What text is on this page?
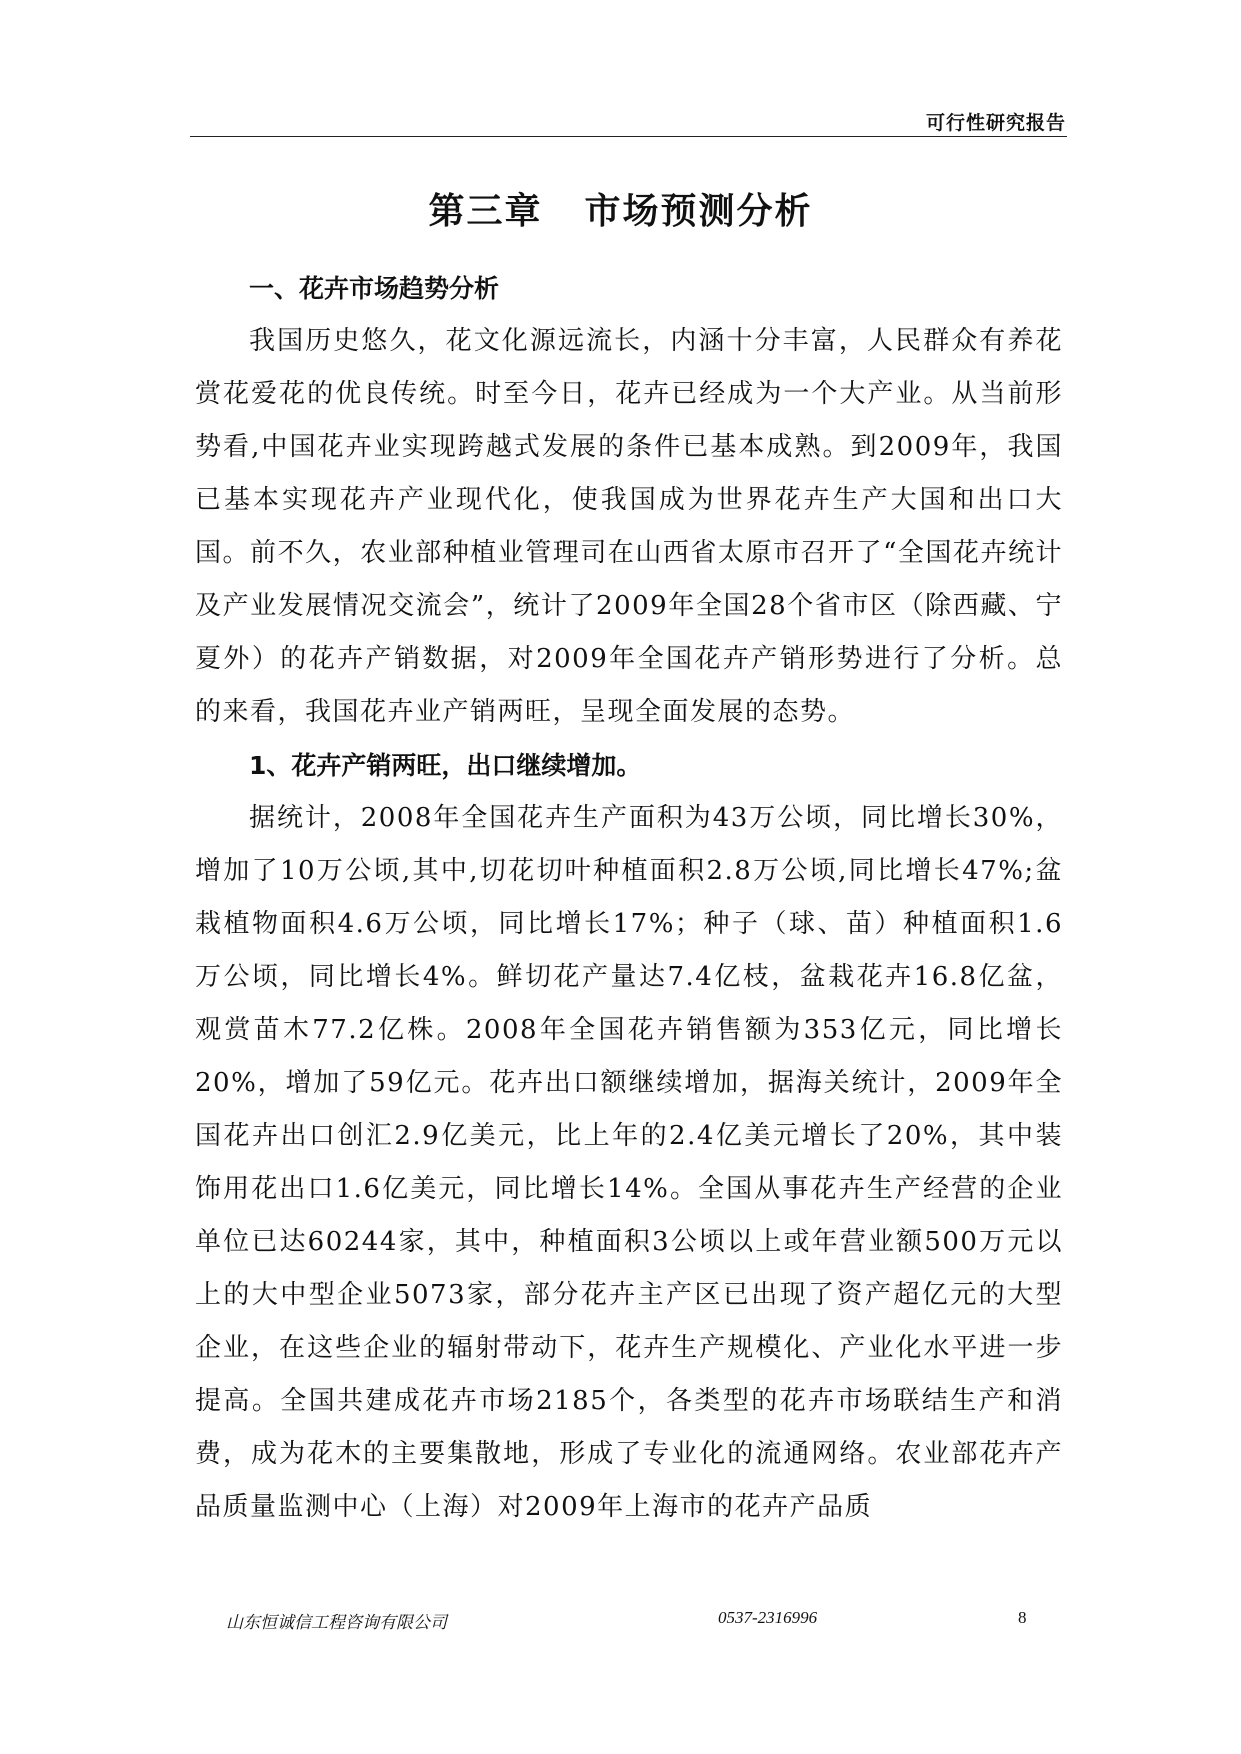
可行性研究报告
第三章 市场预测分析
一、花卉市场趋势分析

我国历史悠久，花文化源远流长，内涵十分丰富，人民群众有养花赏花爱花的优良传统。时至今日，花卉已经成为一个大产业。从当前形势看,中国花卉业实现跨越式发展的条件已基本成熟。到2009年，我国已基本实现花卉产业现代化，使我国成为世界花卉生产大国和出口大国。前不久，农业部种植业管理司在山西省太原市召开了“全国花卉统计及产业发展情况交流会”，统计了2009年全国28个省市区（除西藏、宁夏外）的花卉产销数据，对2009年全国花卉产销形势进行了分析。总的来看，我国花卉业产销两旺，呈现全面发展的态势。

1、花卉产销两旺，出口继续增加。

据统计，2008年全国花卉生产面积为43万公顷，同比增长30%，增加了10万公顷,其中,切花切叶种植面积2.8万公顷,同比增长47%;盆栽植物面积4.6万公顷，同比增长17%；种子（球、苗）种植面积1.6万公顷，同比增长4%。鲜切花产量达7.4亿枝，盆栽花卉16.8亿盆，观赏苗木77.2亿株。2008年全国花卉销售额为353亿元，同比增长20%，增加了59亿元。花卉出口额继续增加，据海关统计，2009年全国花卉出口创汇2.9亿美元，比上年的2.4亿美元增长了20%，其中装饰用花出口1.6亿美元，同比增长14%。全国从事花卉生产经营的企业单位已达60244家，其中，种植面积3公顷以上或年营业额500万元以上的大中型企业5073家，部分花卉主产区已出现了资产超亿元的大型企业，在这些企业的辐射带动下，花卉生产规模化、产业化水平进一步提高。全国共建成花卉市场2185个，各类型的花卉市场联结生产和消费，成为花木的主要集散地，形成了专业化的流通网络。农业部花卉产品质量监测中心（上海）对2009年上海市的花卉产品质

山东恒诚信工程咨询有限公司	0537-2316996	8
